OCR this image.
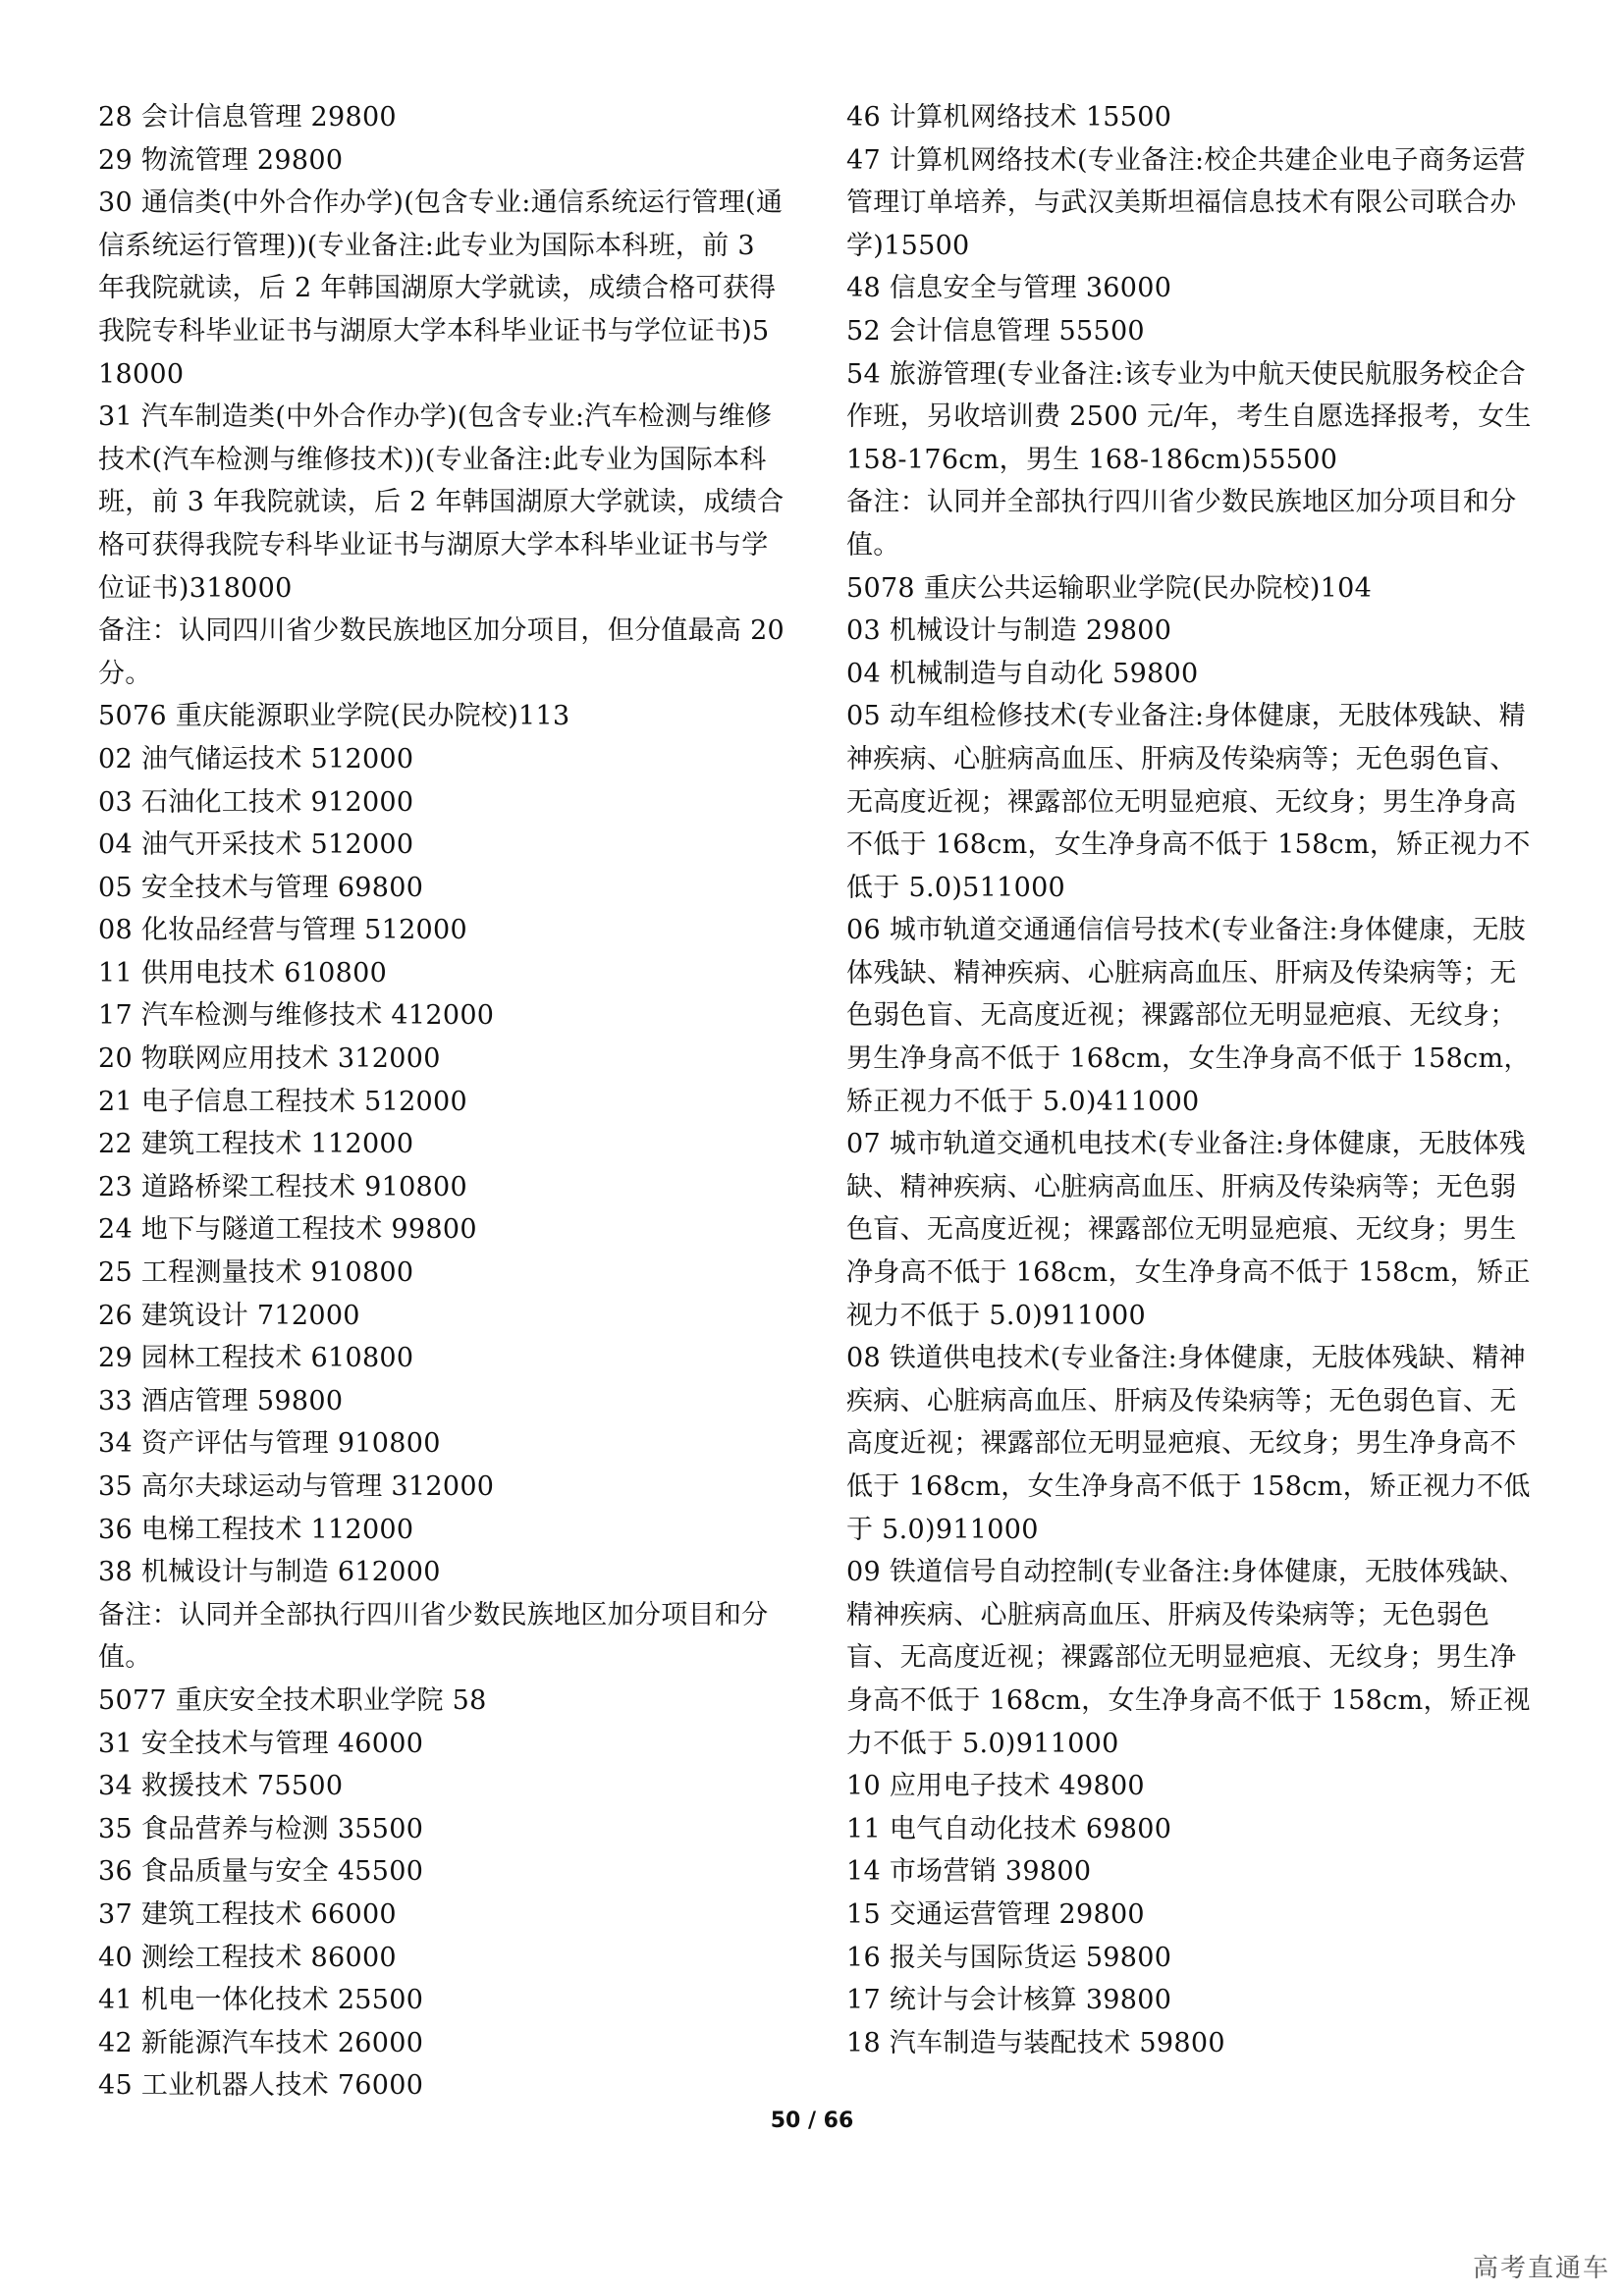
28 会计信息管理 29800

29 物流管理 29800

30 通信类(中外合作办学)(包含专业:通信系统运行管理(通信系统运行管理))(专业备注:此专业为国际本科班，前 3 年我院就读，后 2 年韩国湖原大学就读，成绩合格可获得我院专科毕业证书与湖原大学本科毕业证书与学位证书)518000

31 汽车制造类(中外合作办学)(包含专业:汽车检测与维修技术(汽车检测与维修技术))(专业备注:此专业为国际本科班，前 3 年我院就读，后 2 年韩国湖原大学就读，成绩合格可获得我院专科毕业证书与湖原大学本科毕业证书与学位证书)318000

备注：认同四川省少数民族地区加分项目，但分值最高 20 分。

5076 重庆能源职业学院(民办院校)113

02 油气储运技术 512000

03 石油化工技术 912000

04 油气开采技术 512000

05 安全技术与管理 69800

08 化妆品经营与管理 512000

11 供用电技术 610800

17 汽车检测与维修技术 412000

20 物联网应用技术 312000

21 电子信息工程技术 512000

22 建筑工程技术 112000

23 道路桥梁工程技术 910800

24 地下与隧道工程技术 99800

25 工程测量技术 910800

26 建筑设计 712000

29 园林工程技术 610800

33 酒店管理 59800

34 资产评估与管理 910800

35 高尔夫球运动与管理 312000

36 电梯工程技术 112000

38 机械设计与制造 612000

备注：认同并全部执行四川省少数民族地区加分项目和分值。

5077 重庆安全技术职业学院 58

31 安全技术与管理 46000

34 救援技术 75500

35 食品营养与检测 35500

36 食品质量与安全 45500

37 建筑工程技术 66000

40 测绘工程技术 86000

41 机电一体化技术 25500

42 新能源汽车技术 26000

45 工业机器人技术 76000

46 计算机网络技术 15500

47 计算机网络技术(专业备注:校企共建企业电子商务运营管理订单培养，与武汉美斯坦福信息技术有限公司联合办学)15500

48 信息安全与管理 36000

52 会计信息管理 55500

54 旅游管理(专业备注:该专业为中航天使民航服务校企合作班，另收培训费 2500 元/年，考生自愿选择报考，女生 158-176cm，男生 168-186cm)55500

备注：认同并全部执行四川省少数民族地区加分项目和分值。

5078 重庆公共运输职业学院(民办院校)104

03 机械设计与制造 29800

04 机械制造与自动化 59800

05 动车组检修技术(专业备注:身体健康，无肢体残缺、精神疾病、心脏病高血压、肝病及传染病等；无色弱色盲、无高度近视；裸露部位无明显疤痕、无纹身；男生净身高不低于 168cm，女生净身高不低于 158cm，矫正视力不低于 5.0)511000

06 城市轨道交通通信信号技术(专业备注:身体健康，无肢体残缺、精神疾病、心脏病高血压、肝病及传染病等；无色弱色盲、无高度近视；裸露部位无明显疤痕、无纹身；男生净身高不低于 168cm，女生净身高不低于 158cm，矫正视力不低于 5.0)411000

07 城市轨道交通机电技术(专业备注:身体健康，无肢体残缺、精神疾病、心脏病高血压、肝病及传染病等；无色弱色盲、无高度近视；裸露部位无明显疤痕、无纹身；男生净身高不低于 168cm，女生净身高不低于 158cm，矫正视力不低于 5.0)911000

08 铁道供电技术(专业备注:身体健康，无肢体残缺、精神疾病、心脏病高血压、肝病及传染病等；无色弱色盲、无高度近视；裸露部位无明显疤痕、无纹身；男生净身高不低于 168cm，女生净身高不低于 158cm，矫正视力不低于 5.0)911000

09 铁道信号自动控制(专业备注:身体健康，无肢体残缺、精神疾病、心脏病高血压、肝病及传染病等；无色弱色盲、无高度近视；裸露部位无明显疤痕、无纹身；男生净身高不低于 168cm，女生净身高不低于 158cm，矫正视力不低于 5.0)911000

10 应用电子技术 49800

11 电气自动化技术 69800

14 市场营销 39800

15 交通运营管理 29800

16 报关与国际货运 59800

17 统计与会计核算 39800

18 汽车制造与装配技术 59800

50 / 66
高考直通车
